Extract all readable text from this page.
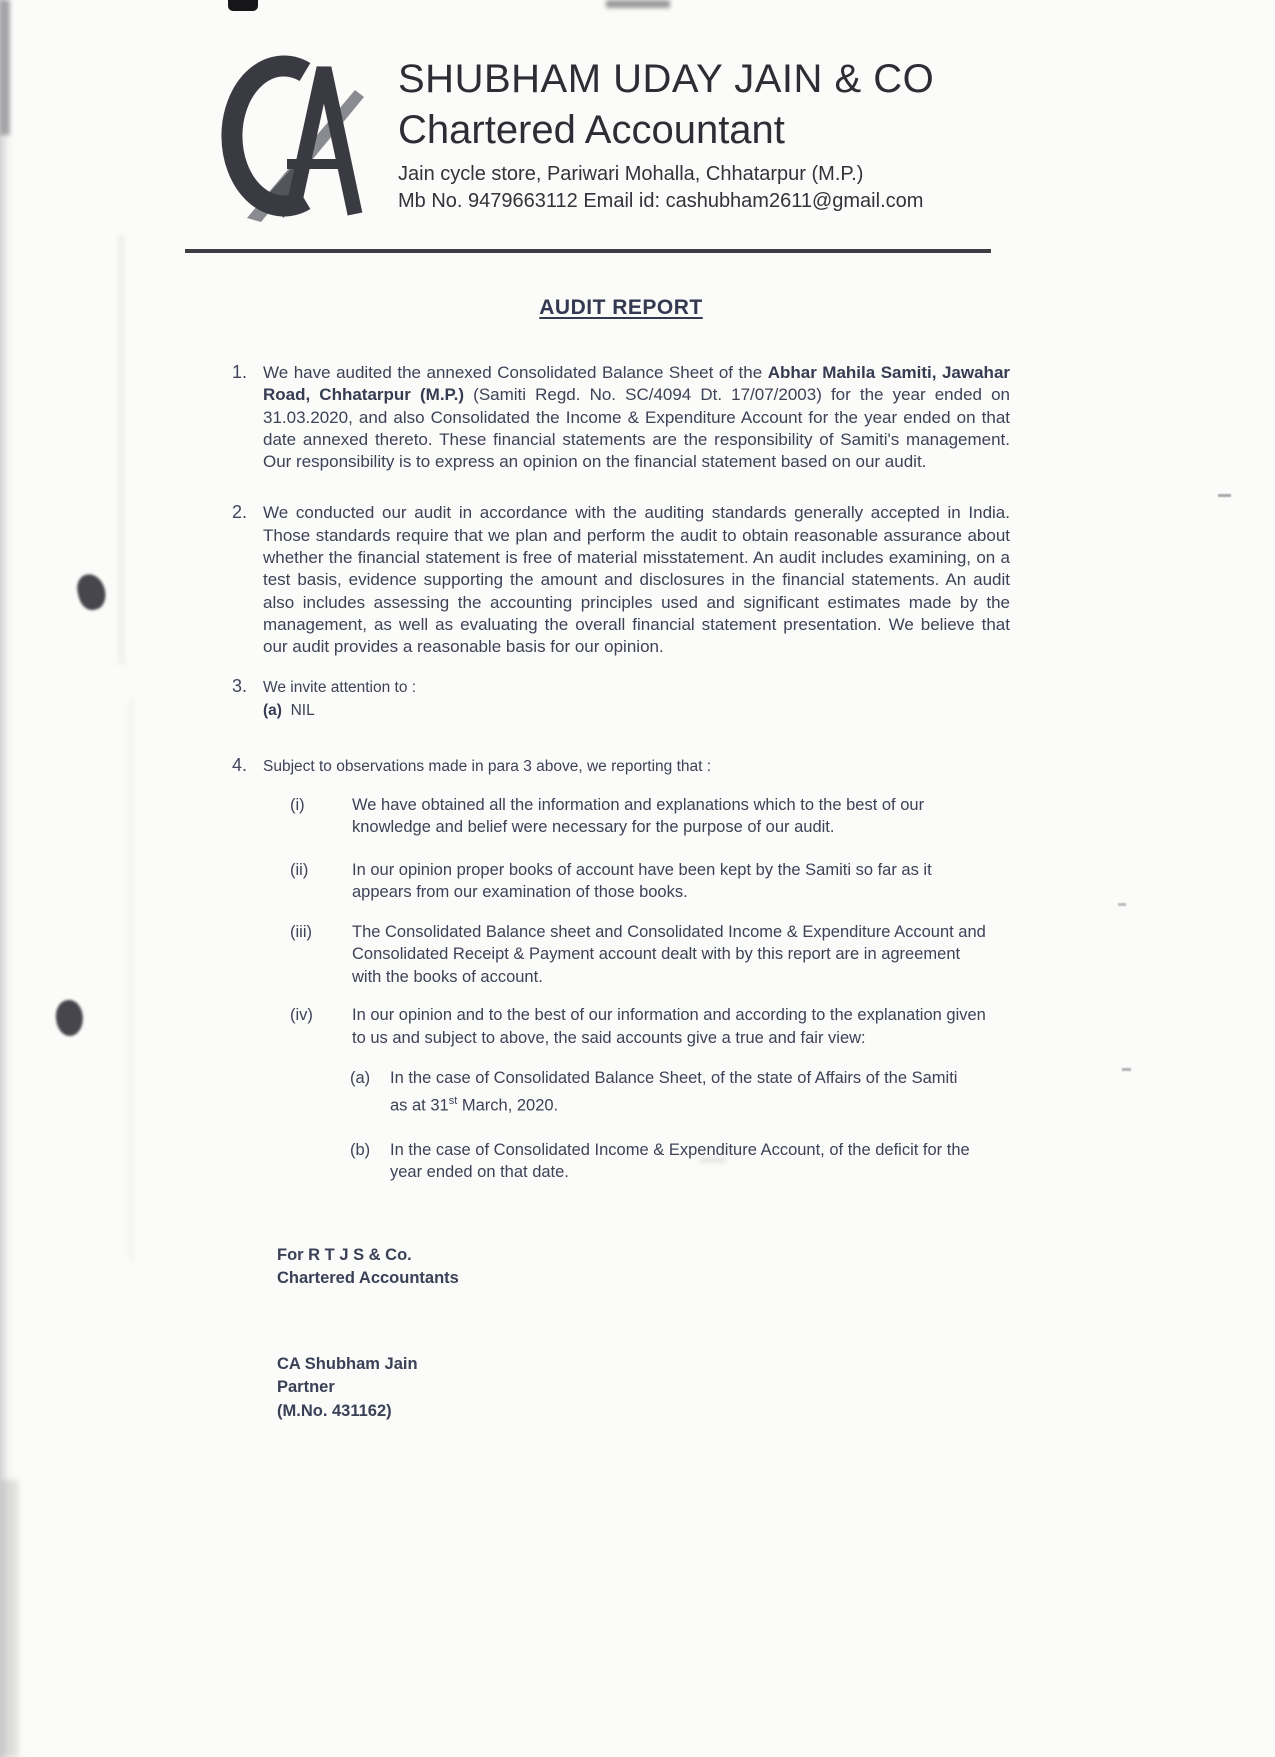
SHUBHAM UDAY JAIN & CO
Chartered Accountant
Jain cycle store, Pariwari Mohalla, Chhatarpur (M.P.)
Mb No. 9479663112 Email id: cashubham2611@gmail.com
AUDIT REPORT
1. We have audited the annexed Consolidated Balance Sheet of the Abhar Mahila Samiti, Jawahar Road, Chhatarpur (M.P.) (Samiti Regd. No. SC/4094 Dt. 17/07/2003) for the year ended on 31.03.2020, and also Consolidated the Income & Expenditure Account for the year ended on that date annexed thereto. These financial statements are the responsibility of Samiti's management. Our responsibility is to express an opinion on the financial statement based on our audit.
2. We conducted our audit in accordance with the auditing standards generally accepted in India. Those standards require that we plan and perform the audit to obtain reasonable assurance about whether the financial statement is free of material misstatement. An audit includes examining, on a test basis, evidence supporting the amount and disclosures in the financial statements. An audit also includes assessing the accounting principles used and significant estimates made by the management, as well as evaluating the overall financial statement presentation. We believe that our audit provides a reasonable basis for our opinion.
3.	We invite attention to :
(a) NIL
4.	Subject to observations made in para 3 above, we reporting that :
(i)	We have obtained all the information and explanations which to the best of our knowledge and belief were necessary for the purpose of our audit.
(ii)	In our opinion proper books of account have been kept by the Samiti so far as it appears from our examination of those books.
(iii)	The Consolidated Balance sheet and Consolidated Income & Expenditure Account and Consolidated Receipt & Payment account dealt with by this report are in agreement with the books of account.
(iv)	In our opinion and to the best of our information and according to the explanation given to us and subject to above, the said accounts give a true and fair view:
(a)	In the case of Consolidated Balance Sheet, of the state of Affairs of the Samiti as at 31st March, 2020.
(b)	In the case of Consolidated Income & Expenditure Account, of the deficit for the year ended on that date.
For R T J S & Co.
Chartered Accountants
CA Shubham Jain
Partner
(M.No. 431162)
